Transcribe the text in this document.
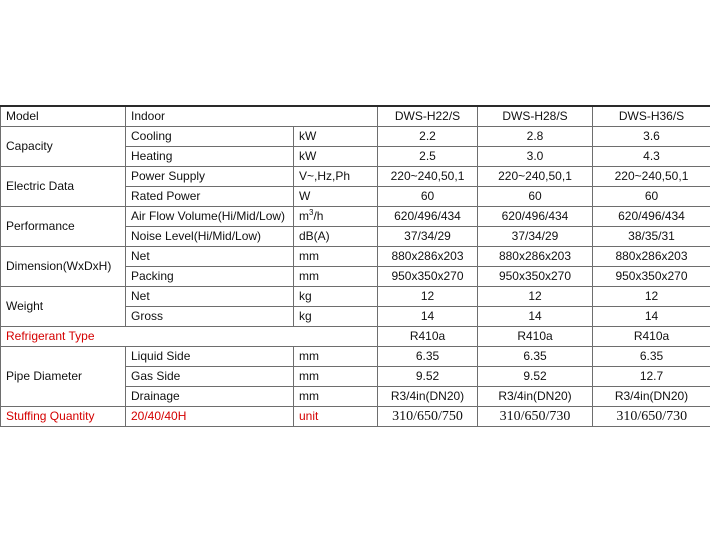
Model	Indoor		DWS-H22/S	DWS-H28/S	DWS-H36/S
Capacity	Cooling	kW	2.2	2.8	3.6
	Heating	kW	2.5	3.0	4.3
Electric Data	Power Supply	V~,Hz,Ph	220~240,50,1	220~240,50,1	220~240,50,1
	Rated Power	W	60	60	60
Performance	Air Flow Volume(Hi/Mid/Low)	$m^3/h$	620/496/434	620/496/434	620/496/434
	Noise Level(Hi/Mid/Low)	dB(A)	37/34/29	37/34/29	38/35/31
Dimension(WxDxH)	Net	mm	880x286x203	880x286x203	880x286x203
	Packing	mm	950x350x270	950x350x270	950x350x270
Weight	Net	kg	12	12	12
	Gross	kg	14	14	14
Refrigerant Type			R410a	R410a	R410a
Pipe Diameter	Liquid Side	mm	6.35	6.35	6.35
	Gas Side	mm	9.52	9.52	12.7
	Drainage	mm	R3/4in(DN20)	R3/4in(DN20)	R3/4in(DN20)
Stuffing Quantity	20/40/40H	unit	310/650/750	310/650/730	310/650/730
